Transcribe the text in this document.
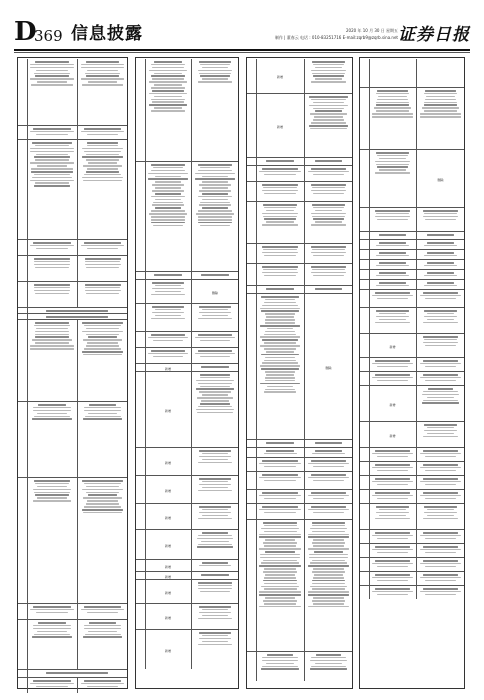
D
369 信息披露	2020 年 10 月 30 日 星期五
制作 | 董春云 电话 : 010-83251716 E-mail:zqrb9@zqrb.sina.net 证券日报
删除
新增
新增
新增
新增
新增
新增
新增
新增
新增
新增
新增
新增
新增
删除
删除
新增
新增
新增
